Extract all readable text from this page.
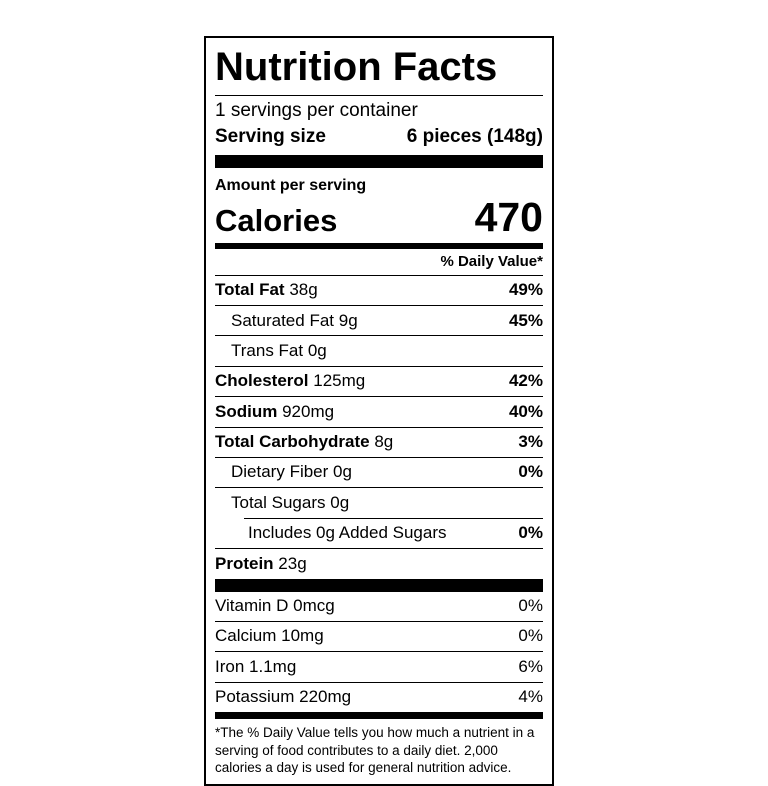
Nutrition Facts
1 servings per container
Serving size	6 pieces (148g)
Amount per serving
Calories	470
% Daily Value*
Total Fat 38g	49%
Saturated Fat 9g	45%
Trans Fat 0g
Cholesterol 125mg	42%
Sodium 920mg	40%
Total Carbohydrate 8g	3%
Dietary Fiber 0g	0%
Total Sugars 0g
Includes 0g Added Sugars	0%
Protein 23g
Vitamin D 0mcg	0%
Calcium 10mg	0%
Iron 1.1mg	6%
Potassium 220mg	4%
*The % Daily Value tells you how much a nutrient in a serving of food contributes to a daily diet. 2,000 calories a day is used for general nutrition advice.
